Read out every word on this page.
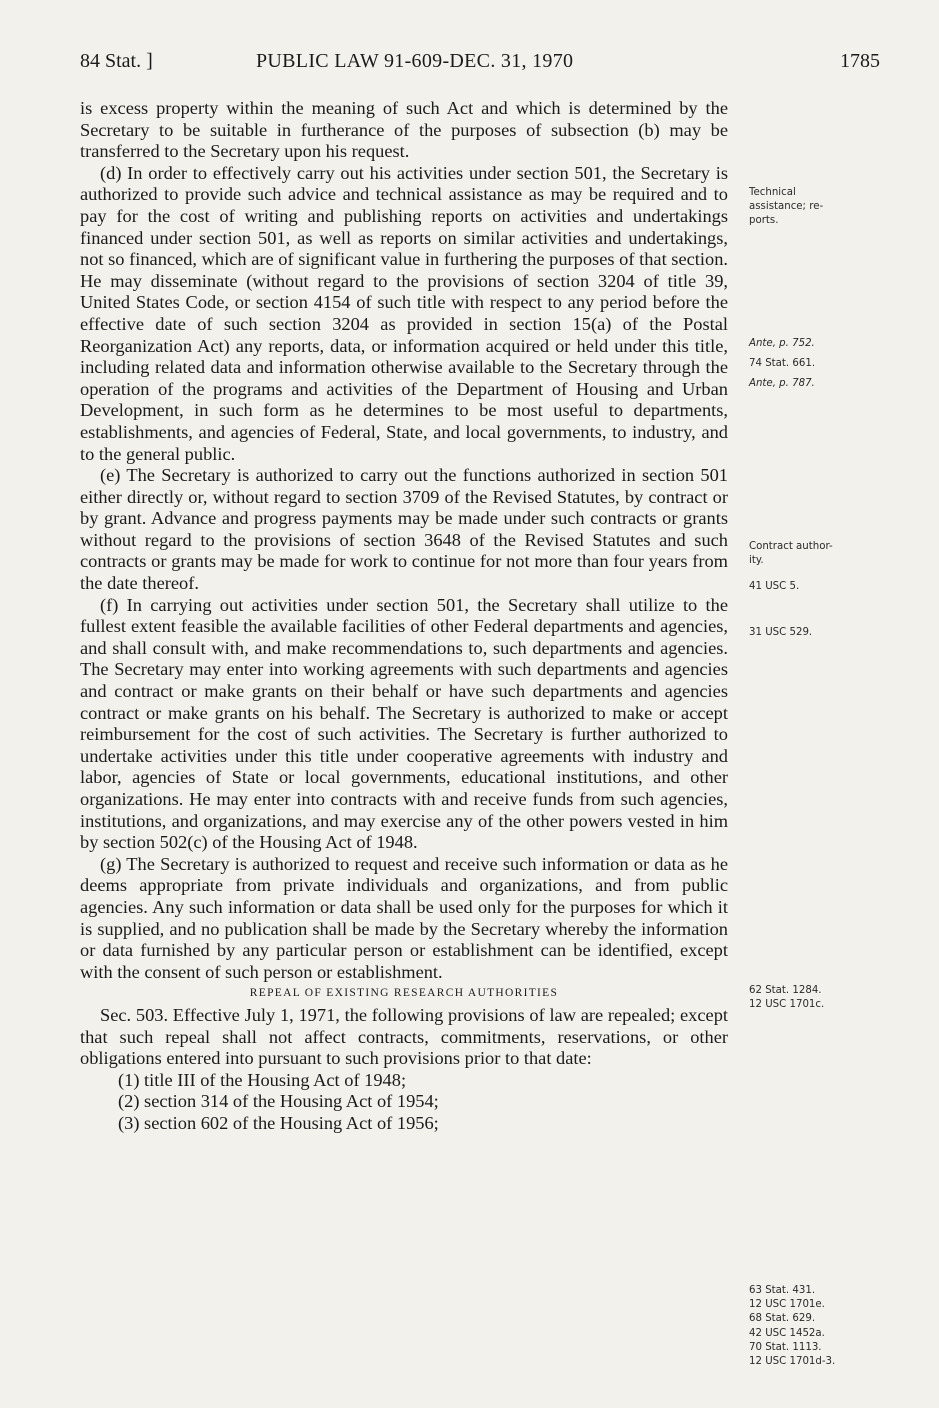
84 Stat. ]	PUBLIC LAW 91-609-DEC. 31, 1970	1785

is excess property within the meaning of such Act and which is determined by the Secretary to be suitable in furtherance of the purposes of subsection (b) may be transferred to the Secretary upon his request.

(d) In order to effectively carry out his activities under section 501, the Secretary is authorized to provide such advice and technical assistance as may be required and to pay for the cost of writing and publishing reports on activities and undertakings financed under section 501, as well as reports on similar activities and undertakings, not so financed, which are of significant value in furthering the purposes of that section. He may disseminate (without regard to the provisions of section 3204 of title 39, United States Code, or section 4154 of such title with respect to any period before the effective date of such section 3204 as provided in section 15(a) of the Postal Reorganization Act) any reports, data, or information acquired or held under this title, including related data and information otherwise available to the Secretary through the operation of the programs and activities of the Department of Housing and Urban Development, in such form as he determines to be most useful to departments, establishments, and agencies of Federal, State, and local governments, to industry, and to the general public.

(e) The Secretary is authorized to carry out the functions authorized in section 501 either directly or, without regard to section 3709 of the Revised Statutes, by contract or by grant. Advance and progress payments may be made under such contracts or grants without regard to the provisions of section 3648 of the Revised Statutes and such contracts or grants may be made for work to continue for not more than four years from the date thereof.

(f) In carrying out activities under section 501, the Secretary shall utilize to the fullest extent feasible the available facilities of other Federal departments and agencies, and shall consult with, and make recommendations to, such departments and agencies. The Secretary may enter into working agreements with such departments and agencies and contract or make grants on their behalf or have such departments and agencies contract or make grants on his behalf. The Secretary is authorized to make or accept reimbursement for the cost of such activities. The Secretary is further authorized to undertake activities under this title under cooperative agreements with industry and labor, agencies of State or local governments, educational institutions, and other organizations. He may enter into contracts with and receive funds from such agencies, institutions, and organizations, and may exercise any of the other powers vested in him by section 502(c) of the Housing Act of 1948.

(g) The Secretary is authorized to request and receive such information or data as he deems appropriate from private individuals and organizations, and from public agencies. Any such information or data shall be used only for the purposes for which it is supplied, and no publication shall be made by the Secretary whereby the information or data furnished by any particular person or establishment can be identified, except with the consent of such person or establishment.

REPEAL OF EXISTING RESEARCH AUTHORITIES

Sec. 503. Effective July 1, 1971, the following provisions of law are repealed; except that such repeal shall not affect contracts, commitments, reservations, or other obligations entered into pursuant to such provisions prior to that date:

(1) title III of the Housing Act of 1948;

(2) section 314 of the Housing Act of 1954;

(3) section 602 of the Housing Act of 1956;

Technical
assistance; re-
ports.
Ante, p. 752.
74 Stat. 661.
Ante, p. 787.
Contract author-
ity.
41 USC 5.
31 USC 529.
62 Stat. 1284.
12 USC 1701c.
63 Stat. 431.
12 USC 1701e.
68 Stat. 629.
42 USC 1452a.
70 Stat. 1113.
12 USC 1701d-3.
